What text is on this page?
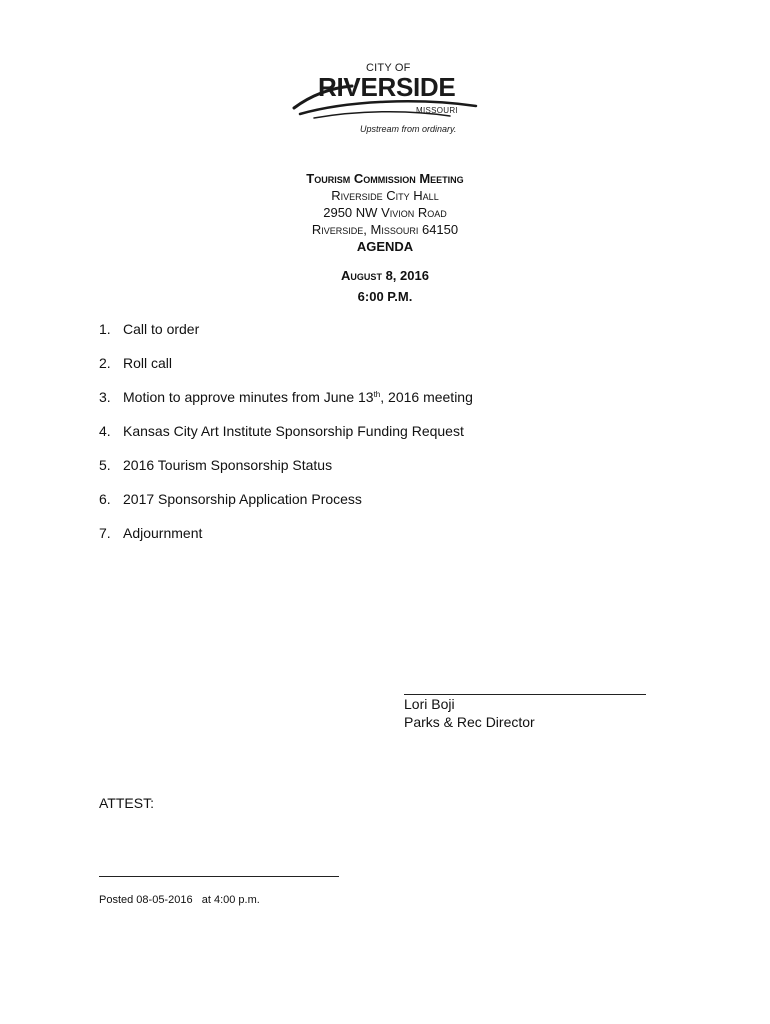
CITY OF
RIVERSIDE
MISSOURI
Upstream from ordinary.
Tourism Commission Meeting
Riverside City Hall
2950 NW Vivion Road
Riverside, Missouri 64150
AGENDA
August 8, 2016
6:00 P.M.
1. Call to order
2. Roll call
3. Motion to approve minutes from June 13th, 2016 meeting
4. Kansas City Art Institute Sponsorship Funding Request
5. 2016 Tourism Sponsorship Status
6. 2017 Sponsorship Application Process
7. Adjournment
Lori Boji
Parks & Rec Director
ATTEST:
Posted 08-05-2016   at 4:00 p.m.
